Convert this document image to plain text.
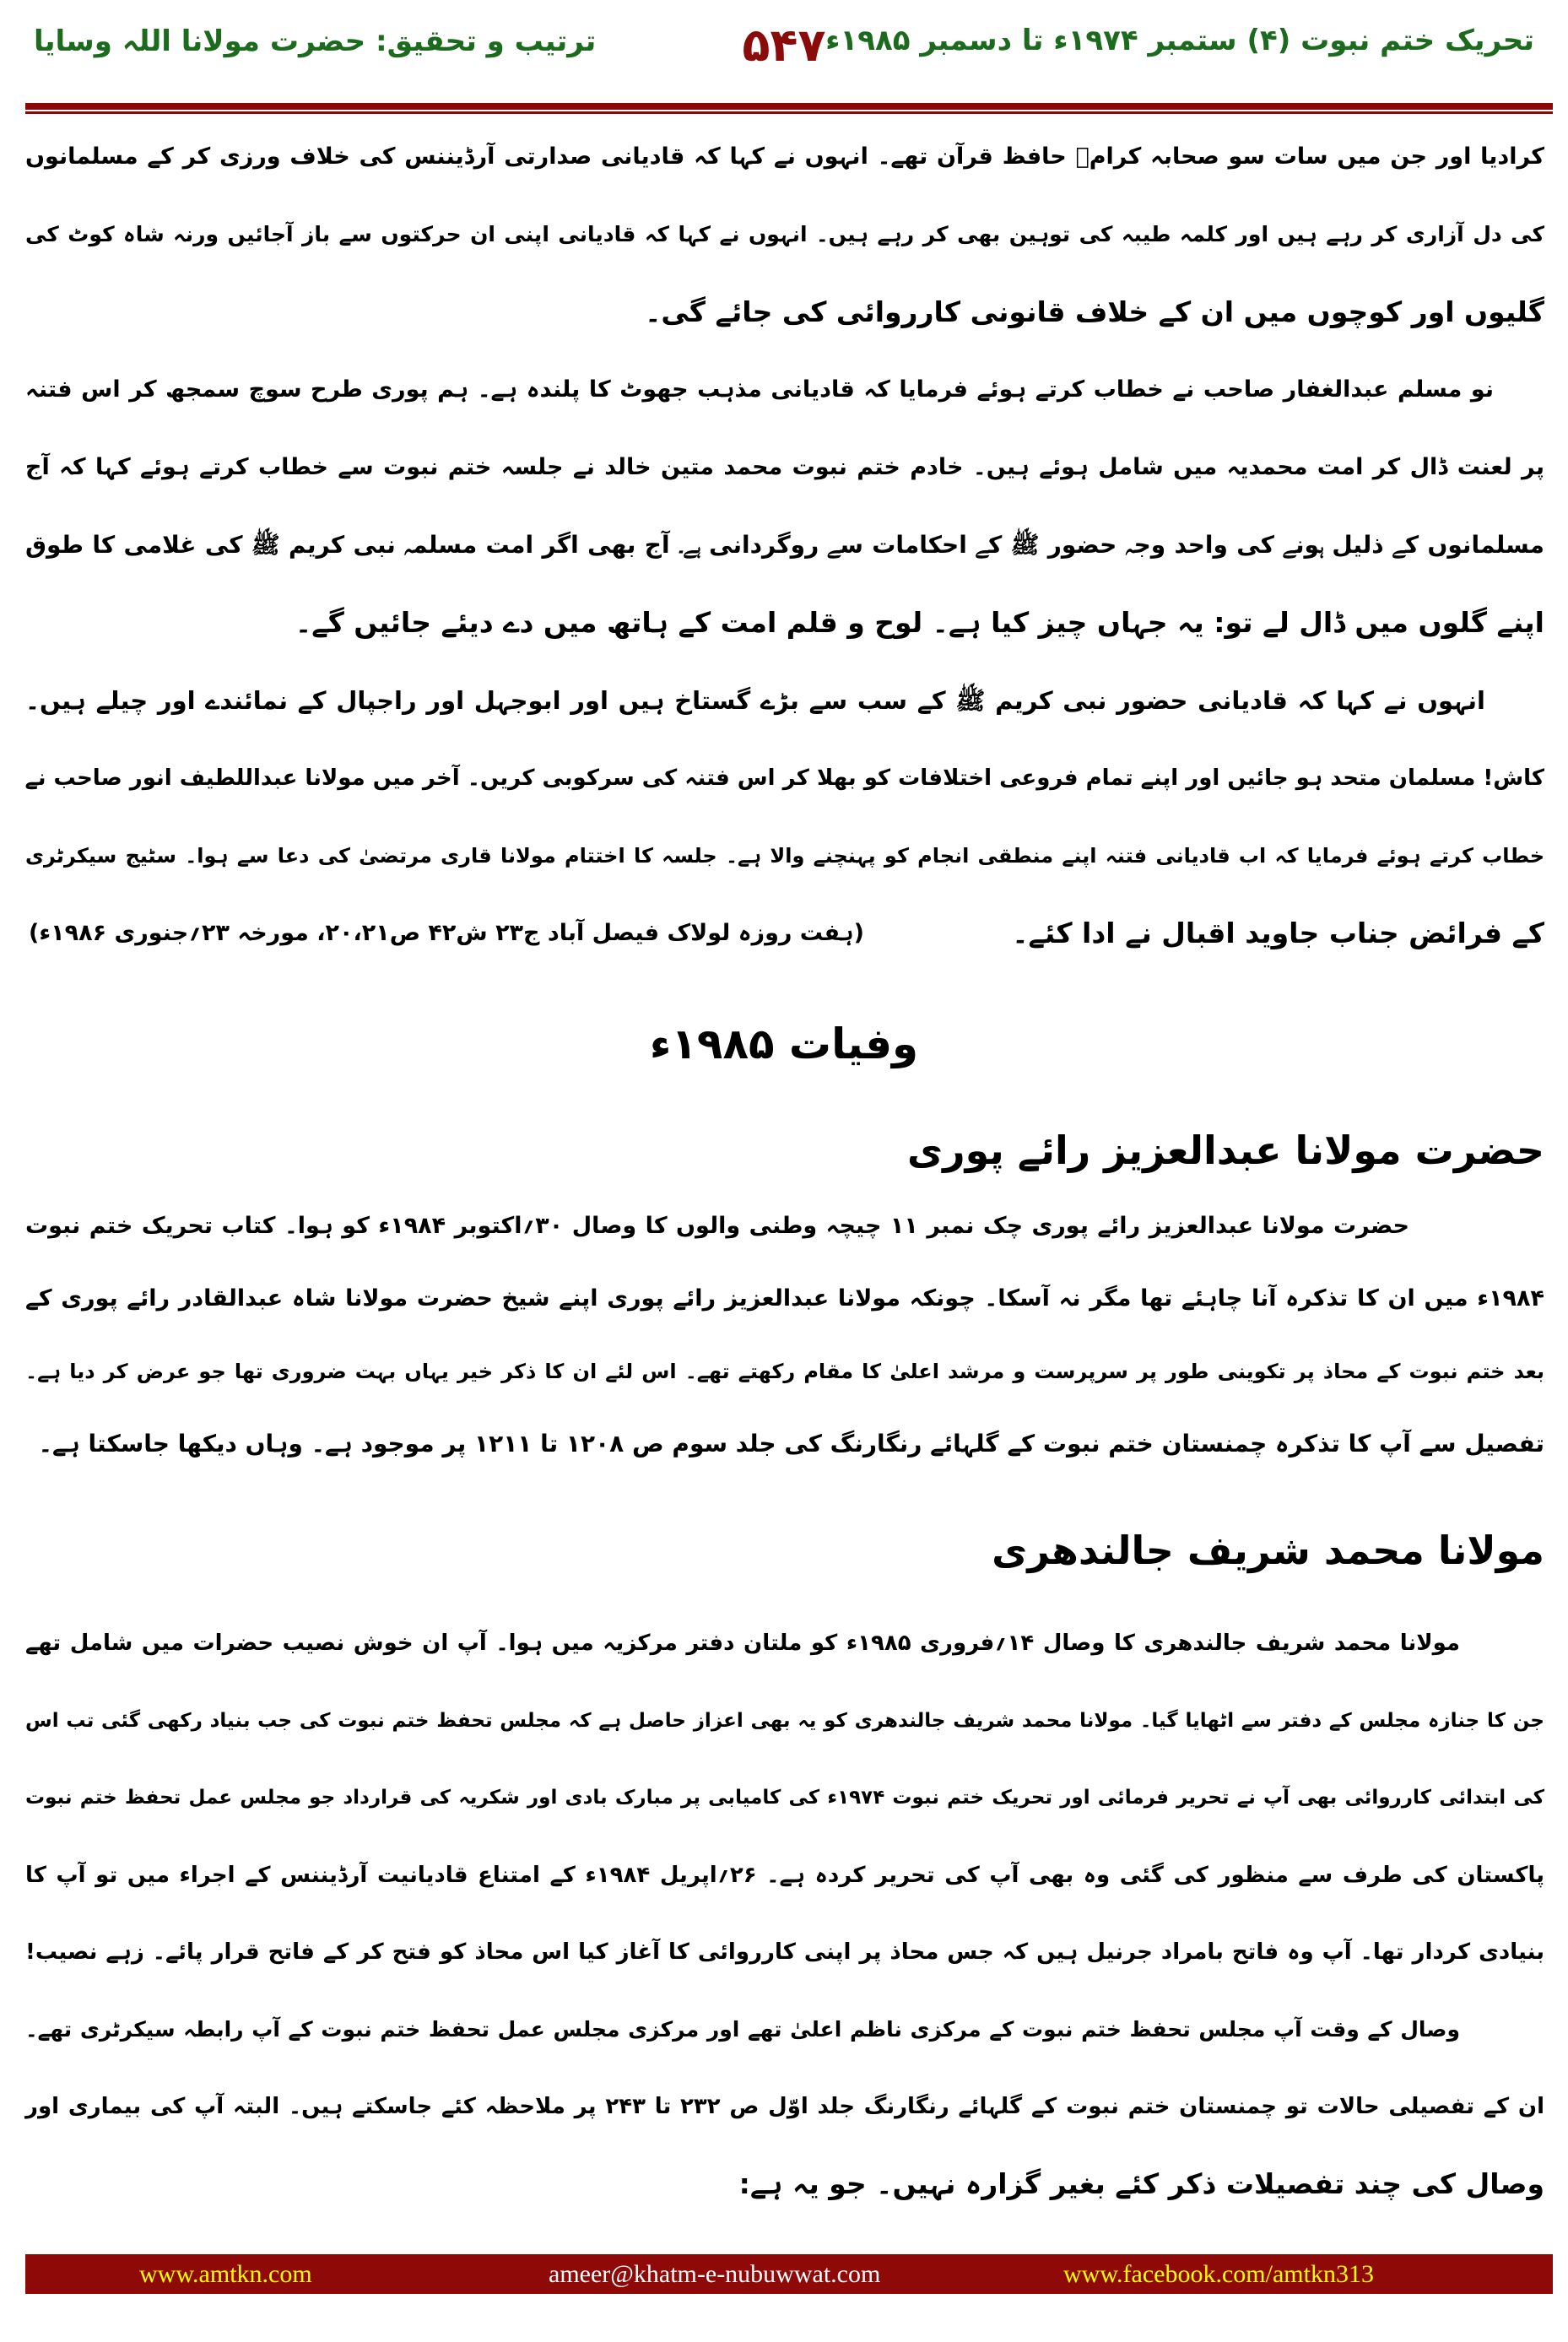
تحریک ختم نبوت (۴) ستمبر ۱۹۷۴ء تا دسمبر ۱۹۸۵ء
۵۴۷
ترتیب و تحقیق: حضرت مولانا اللہ وسایا
(ہفت روزہ لولاک فیصل آباد ج۲۳ ش۴۲ ص۲۰،۲۱، مورخہ ۲۳؍جنوری ۱۹۸۶ء)
وفیات ۱۹۸۵ء
حضرت مولانا عبدالعزیز رائے پوری
مولانا محمد شریف جالندھری
کرادیا اور جن میں سات سو صحابہ کرامؓ حافظ قرآن تھے۔ انہوں نے کہا کہ قادیانی صدارتی آرڈیننس کی خلاف ورزی کر کے مسلمانوں
کی دل آزاری کر رہے ہیں اور کلمہ طیبہ کی توہین بھی کر رہے ہیں۔ انہوں نے کہا کہ قادیانی اپنی ان حرکتوں سے باز آجائیں ورنہ شاہ کوٹ کی
گلیوں اور کوچوں میں ان کے خلاف قانونی کارروائی کی جائے گی۔
نو مسلم عبدالغفار صاحب نے خطاب کرتے ہوئے فرمایا کہ قادیانی مذہب جھوٹ کا پلندہ ہے۔ ہم پوری طرح سوچ سمجھ کر اس فتنہ
پر لعنت ڈال کر امت محمدیہ میں شامل ہوئے ہیں۔ خادم ختم نبوت محمد متین خالد نے جلسہ ختم نبوت سے خطاب کرتے ہوئے کہا کہ آج
مسلمانوں کے ذلیل ہونے کی واحد وجہ حضور ﷺ کے احکامات سے روگردانی ہے۔ آج بھی اگر امت مسلمہ نبی کریم ﷺ کی غلامی کا طوق
اپنے گلوں میں ڈال لے تو: یہ جہاں چیز کیا ہے۔ لوح و قلم امت کے ہاتھ میں دے دیئے جائیں گے۔
انہوں نے کہا کہ قادیانی حضور نبی کریم ﷺ کے سب سے بڑے گستاخ ہیں اور ابوجہل اور راجپال کے نمائندے اور چیلے ہیں۔
کاش! مسلمان متحد ہو جائیں اور اپنے تمام فروعی اختلافات کو بھلا کر اس فتنہ کی سرکوبی کریں۔ آخر میں مولانا عبداللطیف انور صاحب نے
خطاب کرتے ہوئے فرمایا کہ اب قادیانی فتنہ اپنے منطقی انجام کو پہنچنے والا ہے۔ جلسہ کا اختتام مولانا قاری مرتضیٰ کی دعا سے ہوا۔ سٹیج سیکرٹری
کے فرائض جناب جاوید اقبال نے ادا کئے۔
حضرت مولانا عبدالعزیز رائے پوری چک نمبر ۱۱ چیچہ وطنی والوں کا وصال ۳۰؍اکتوبر ۱۹۸۴ء کو ہوا۔ کتاب تحریک ختم نبوت
۱۹۸۴ء میں ان کا تذکرہ آنا چاہئے تھا مگر نہ آسکا۔ چونکہ مولانا عبدالعزیز رائے پوری اپنے شیخ حضرت مولانا شاہ عبدالقادر رائے پوری کے
بعد ختم نبوت کے محاذ پر تکوینی طور پر سرپرست و مرشد اعلیٰ کا مقام رکھتے تھے۔ اس لئے ان کا ذکر خیر یہاں بہت ضروری تھا جو عرض کر دیا ہے۔
تفصیل سے آپ کا تذکرہ چمنستان ختم نبوت کے گلہائے رنگارنگ کی جلد سوم ص ۱۲۰۸ تا ۱۲۱۱ پر موجود ہے۔ وہاں دیکھا جاسکتا ہے۔
مولانا محمد شریف جالندھری کا وصال ۱۴؍فروری ۱۹۸۵ء کو ملتان دفتر مرکزیہ میں ہوا۔ آپ ان خوش نصیب حضرات میں شامل تھے
جن کا جنازہ مجلس کے دفتر سے اٹھایا گیا۔ مولانا محمد شریف جالندھری کو یہ بھی اعزاز حاصل ہے کہ مجلس تحفظ ختم نبوت کی جب بنیاد رکھی گئی تب اس
کی ابتدائی کارروائی بھی آپ نے تحریر فرمائی اور تحریک ختم نبوت ۱۹۷۴ء کی کامیابی پر مبارک بادی اور شکریہ کی قرارداد جو مجلس عمل تحفظ ختم نبوت
پاکستان کی طرف سے منظور کی گئی وہ بھی آپ کی تحریر کردہ ہے۔ ۲۶؍اپریل ۱۹۸۴ء کے امتناع قادیانیت آرڈیننس کے اجراء میں تو آپ کا
بنیادی کردار تھا۔ آپ وہ فاتح بامراد جرنیل ہیں کہ جس محاذ پر اپنی کارروائی کا آغاز کیا اس محاذ کو فتح کر کے فاتح قرار پائے۔ زہے نصیب!
وصال کے وقت آپ مجلس تحفظ ختم نبوت کے مرکزی ناظم اعلیٰ تھے اور مرکزی مجلس عمل تحفظ ختم نبوت کے آپ رابطہ سیکرٹری تھے۔
ان کے تفصیلی حالات تو چمنستان ختم نبوت کے گلہائے رنگارنگ جلد اوّل ص ۲۳۲ تا ۲۴۳ پر ملاحظہ کئے جاسکتے ہیں۔ البتہ آپ کی بیماری اور
وصال کی چند تفصیلات ذکر کئے بغیر گزارہ نہیں۔ جو یہ ہے:
www.amtkn.com	ameer@khatm-e-nubuwwat.com	www.facebook.com/amtkn313
